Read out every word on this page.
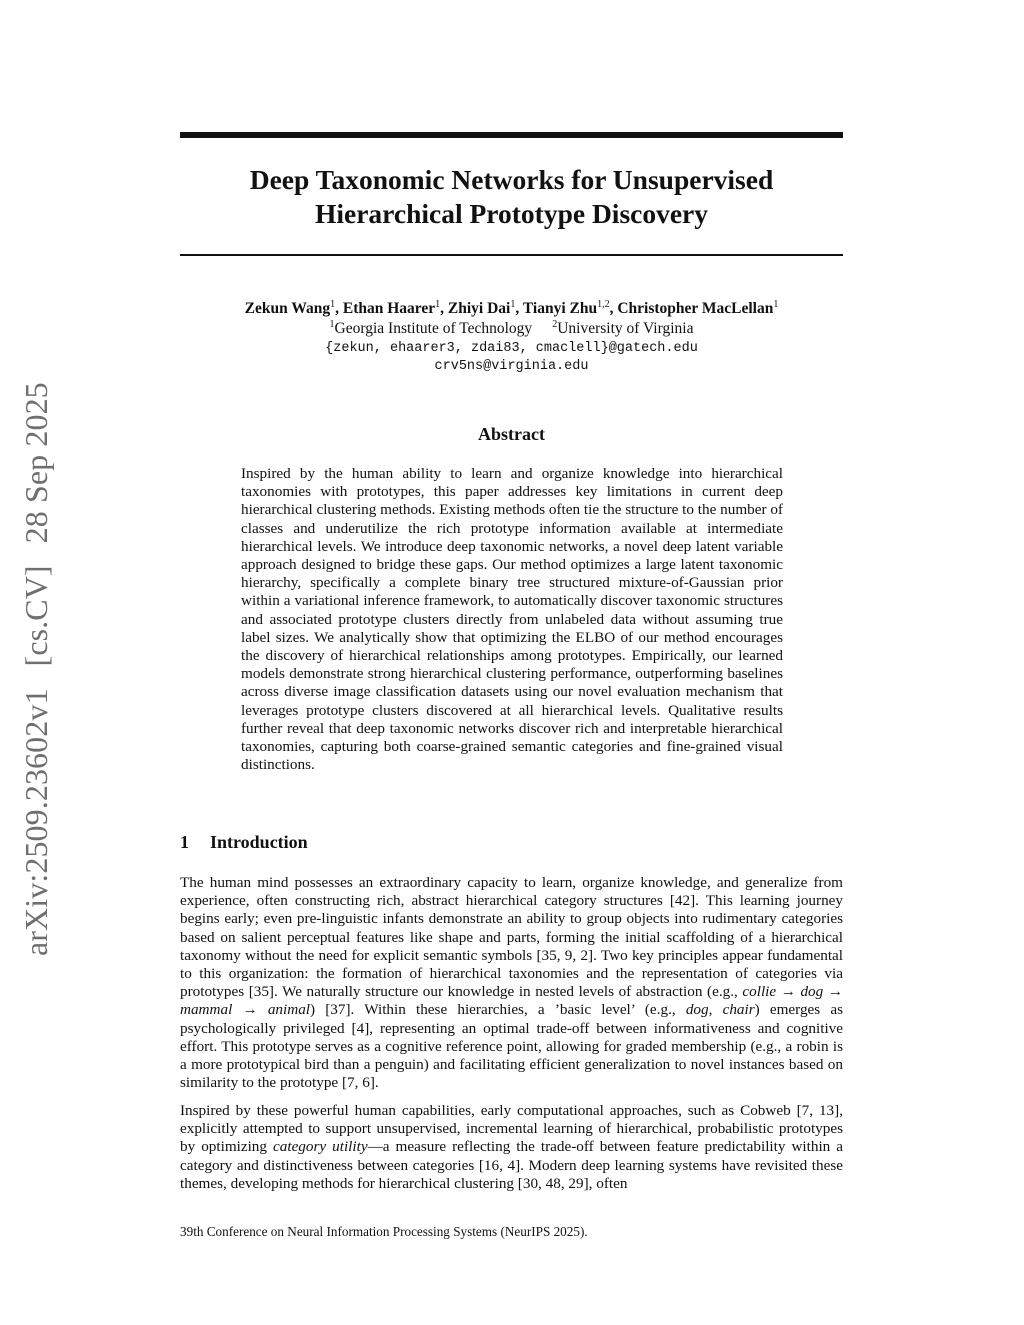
arXiv:2509.23602v1[cs.CV]28 Sep 2025
Deep Taxonomic Networks for Unsupervised
Hierarchical Prototype Discovery
Zekun Wang$^1$, Ethan Haarer$^1$, Zhiyi Dai$^1$, Tianyi Zhu$^{1,2}$, Christopher MacLellan$^1$
$^1$Georgia Institute of Technology $^2$University of Virginia
{zekun, ehaarer3, zdai83, cmaclell}@gatech.edu
crv5ns@virginia.edu
Abstract
Inspired by the human ability to learn and organize knowledge into hierarchical taxonomies with prototypes, this paper addresses key limitations in current deep hierarchical clustering methods. Existing methods often tie the structure to the number of classes and underutilize the rich prototype information available at intermediate hierarchical levels. We introduce deep taxonomic networks, a novel deep latent variable approach designed to bridge these gaps. Our method optimizes a large latent taxonomic hierarchy, specifically a complete binary tree structured mixture-of-Gaussian prior within a variational inference framework, to automatically discover taxonomic structures and associated prototype clusters directly from unlabeled data without assuming true label sizes. We analytically show that optimizing the ELBO of our method encourages the discovery of hierarchical relationships among prototypes. Empirically, our learned models demonstrate strong hierarchical clustering performance, outperforming baselines across diverse image classification datasets using our novel evaluation mechanism that leverages prototype clusters discovered at all hierarchical levels. Qualitative results further reveal that deep taxonomic networks discover rich and interpretable hierarchical taxonomies, capturing both coarse-grained semantic categories and fine-grained visual distinctions.
1 Introduction
The human mind possesses an extraordinary capacity to learn, organize knowledge, and generalize from experience, often constructing rich, abstract hierarchical category structures [42]. This learning journey begins early; even pre-linguistic infants demonstrate an ability to group objects into rudimentary categories based on salient perceptual features like shape and parts, forming the initial scaffolding of a hierarchical taxonomy without the need for explicit semantic symbols [35, 9, 2]. Two key principles appear fundamental to this organization: the formation of hierarchical taxonomies and the representation of categories via prototypes [35]. We naturally structure our knowledge in nested levels of abstraction (e.g., collie → dog → mammal → animal) [37]. Within these hierarchies, a ’basic level’ (e.g., dog, chair) emerges as psychologically privileged [4], representing an optimal trade-off between informativeness and cognitive effort. This prototype serves as a cognitive reference point, allowing for graded membership (e.g., a robin is a more prototypical bird than a penguin) and facilitating efficient generalization to novel instances based on similarity to the prototype [7, 6].
Inspired by these powerful human capabilities, early computational approaches, such as Cobweb [7, 13], explicitly attempted to support unsupervised, incremental learning of hierarchical, probabilistic prototypes by optimizing category utility—a measure reflecting the trade-off between feature predictability within a category and distinctiveness between categories [16, 4]. Modern deep learning systems have revisited these themes, developing methods for hierarchical clustering [30, 48, 29], often
39th Conference on Neural Information Processing Systems (NeurIPS 2025).
